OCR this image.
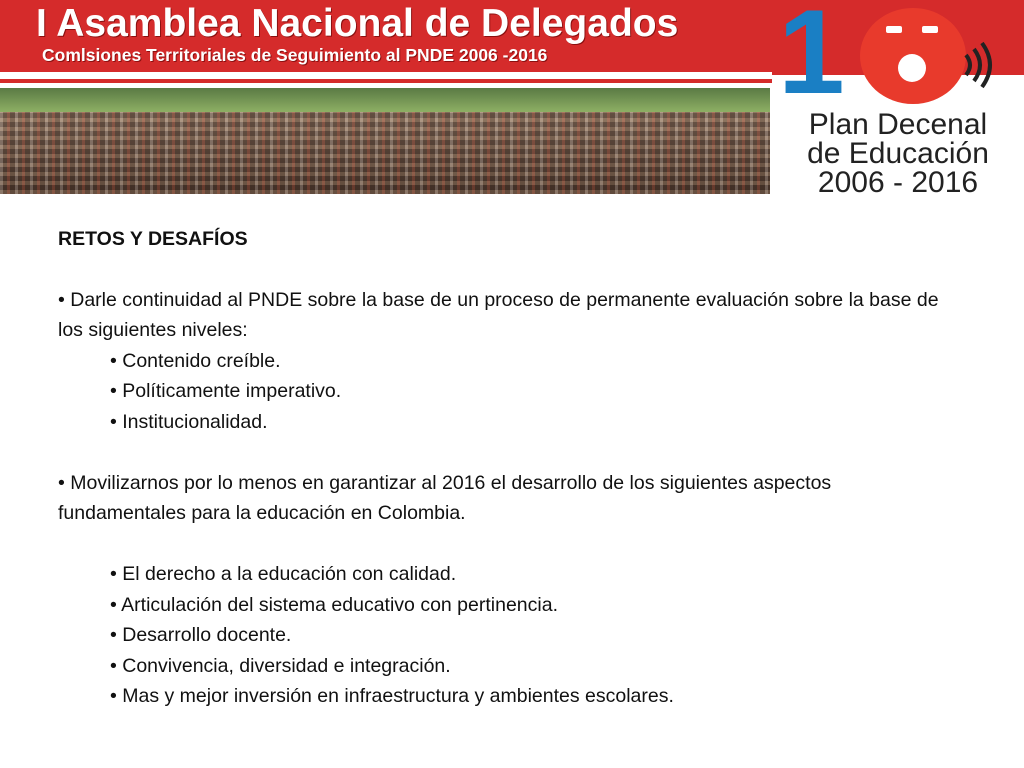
I Asamblea Nacional de Delegados
Comlsiones Territoriales de Seguimiento al PNDE 2006 -2016 1
Plan Decenal
de Educación
2006 - 2016
RETOS Y DESAFÍOS
• Darle continuidad al PNDE sobre la base de un proceso de permanente evaluación sobre la base de los siguientes niveles:
• Contenido creíble.
• Políticamente imperativo.
• Institucionalidad.
• Movilizarnos por lo menos en garantizar al 2016 el desarrollo de los siguientes aspectos fundamentales para la educación en Colombia.
• El derecho a la educación con calidad.
• Articulación del sistema educativo con pertinencia.
• Desarrollo docente.
• Convivencia, diversidad e integración.
• Mas y mejor inversión en infraestructura y ambientes escolares.
